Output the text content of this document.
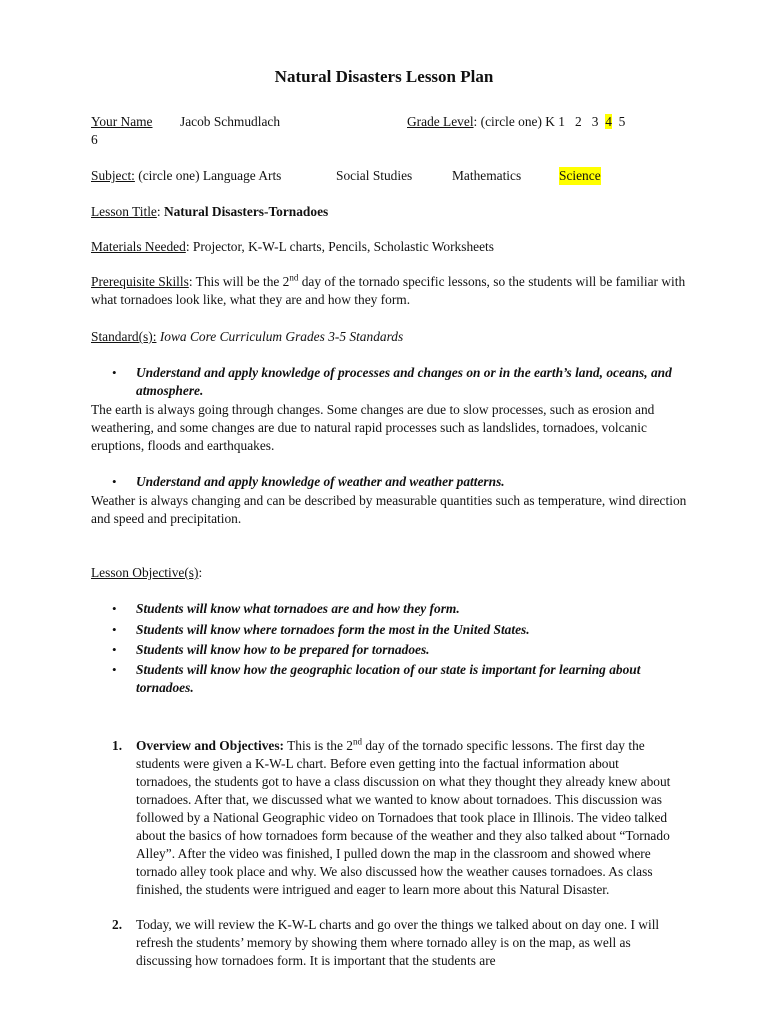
Natural Disasters Lesson Plan
Your Name Jacob Schmudlach	Grade Level: (circle one) K 1   2   3  4  5
6
Subject: (circle one) Language Arts	Social Studies	Mathematics	Science
Lesson Title: Natural Disasters-Tornadoes
Materials Needed: Projector, K-W-L charts, Pencils, Scholastic Worksheets
Prerequisite Skills: This will be the 2nd day of the tornado specific lessons, so the students will be familiar with what tornadoes look like, what they are and how they form.
Standard(s): Iowa Core Curriculum Grades 3-5 Standards
• Understand and apply knowledge of processes and changes on or in the earth’s land, oceans, and atmosphere.
The earth is always going through changes. Some changes are due to slow processes, such as erosion and weathering, and some changes are due to natural rapid processes such as landslides, tornadoes, volcanic eruptions, floods and earthquakes.
• Understand and apply knowledge of weather and weather patterns.
Weather is always changing and can be described by measurable quantities such as temperature, wind direction and speed and precipitation.
Lesson Objective(s):
• Students will know what tornadoes are and how they form.
• Students will know where tornadoes form the most in the United States.
• Students will know how to be prepared for tornadoes.
• Students will know how the geographic location of our state is important for learning about tornadoes.
1. Overview and Objectives: This is the 2nd day of the tornado specific lessons. The first day the students were given a K-W-L chart. Before even getting into the factual information about tornadoes, the students got to have a class discussion on what they thought they already knew about tornadoes. After that, we discussed what we wanted to know about tornadoes. This discussion was followed by a National Geographic video on Tornadoes that took place in Illinois. The video talked about the basics of how tornadoes form because of the weather and they also talked about “Tornado Alley”. After the video was finished, I pulled down the map in the classroom and showed where tornado alley took place and why. We also discussed how the weather causes tornadoes. As class finished, the students were intrigued and eager to learn more about this Natural Disaster.
2. Today, we will review the K-W-L charts and go over the things we talked about on day one. I will refresh the students’ memory by showing them where tornado alley is on the map, as well as discussing how tornadoes form. It is important that the students are
